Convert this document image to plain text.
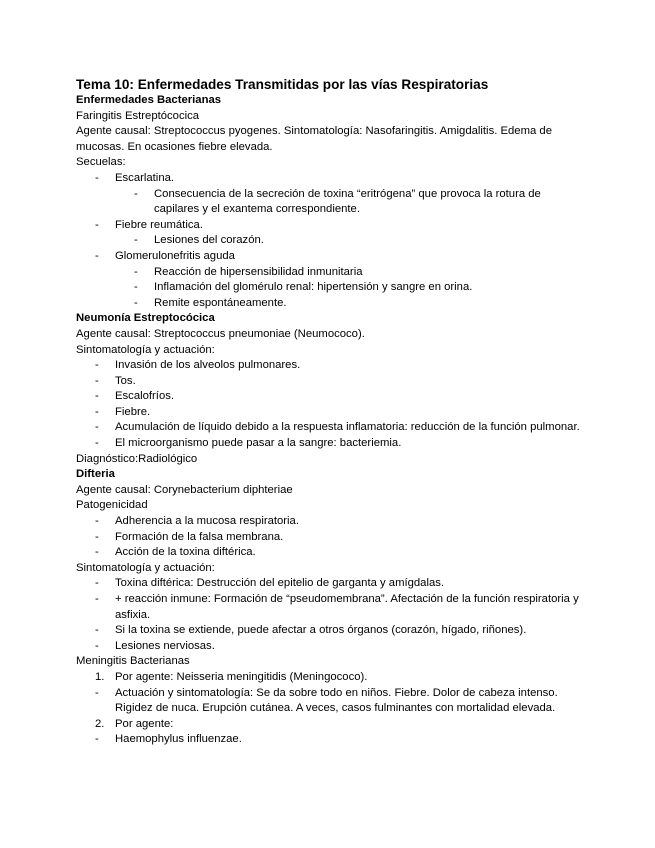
Tema 10: Enfermedades Transmitidas por las vías Respiratorias
Enfermedades Bacterianas
Faringitis Estreptócocica
Agente causal: Streptococcus pyogenes. Sintomatología: Nasofaringitis. Amigdalitis. Edema de mucosas. En ocasiones fiebre elevada.
Secuelas:
- Escarlatina.
- Consecuencia de la secreción de toxina “eritrógena” que provoca la rotura de capilares y el exantema correspondiente.
- Fiebre reumática.
- Lesiones del corazón.
- Glomerulonefritis aguda
- Reacción de hipersensibilidad inmunitaria
- Inflamación del glomérulo renal: hipertensión y sangre en orina.
- Remite espontáneamente.
Neumonía Estreptocócica
Agente causal: Streptococcus pneumoniae (Neumococo).
Sintomatología y actuación:
- Invasión de los alveolos pulmonares.
- Tos.
- Escalofríos.
- Fiebre.
- Acumulación de líquido debido a la respuesta inflamatoria: reducción de la función pulmonar.
- El microorganismo puede pasar a la sangre: bacteriemia.
Diagnóstico:Radiológico
Difteria
Agente causal: Corynebacterium diphteriae
Patogenicidad
- Adherencia a la mucosa respiratoria.
- Formación de la falsa membrana.
- Acción de la toxina diftérica.
Sintomatología y actuación:
- Toxina diftérica: Destrucción del epitelio de garganta y amígdalas.
- + reacción inmune: Formación de “pseudomembrana”. Afectación de la función respiratoria y asfixia.
- Si la toxina se extiende, puede afectar a otros órganos (corazón, hígado, riñones).
- Lesiones nerviosas.
Meningitis Bacterianas
1. Por agente: Neisseria meningitidis (Meningococo).
- Actuación y sintomatología: Se da sobre todo en niños. Fiebre. Dolor de cabeza intenso. Rigidez de nuca. Erupción cutánea. A veces, casos fulminantes con mortalidad elevada.
2. Por agente:
- Haemophylus influenzae.
